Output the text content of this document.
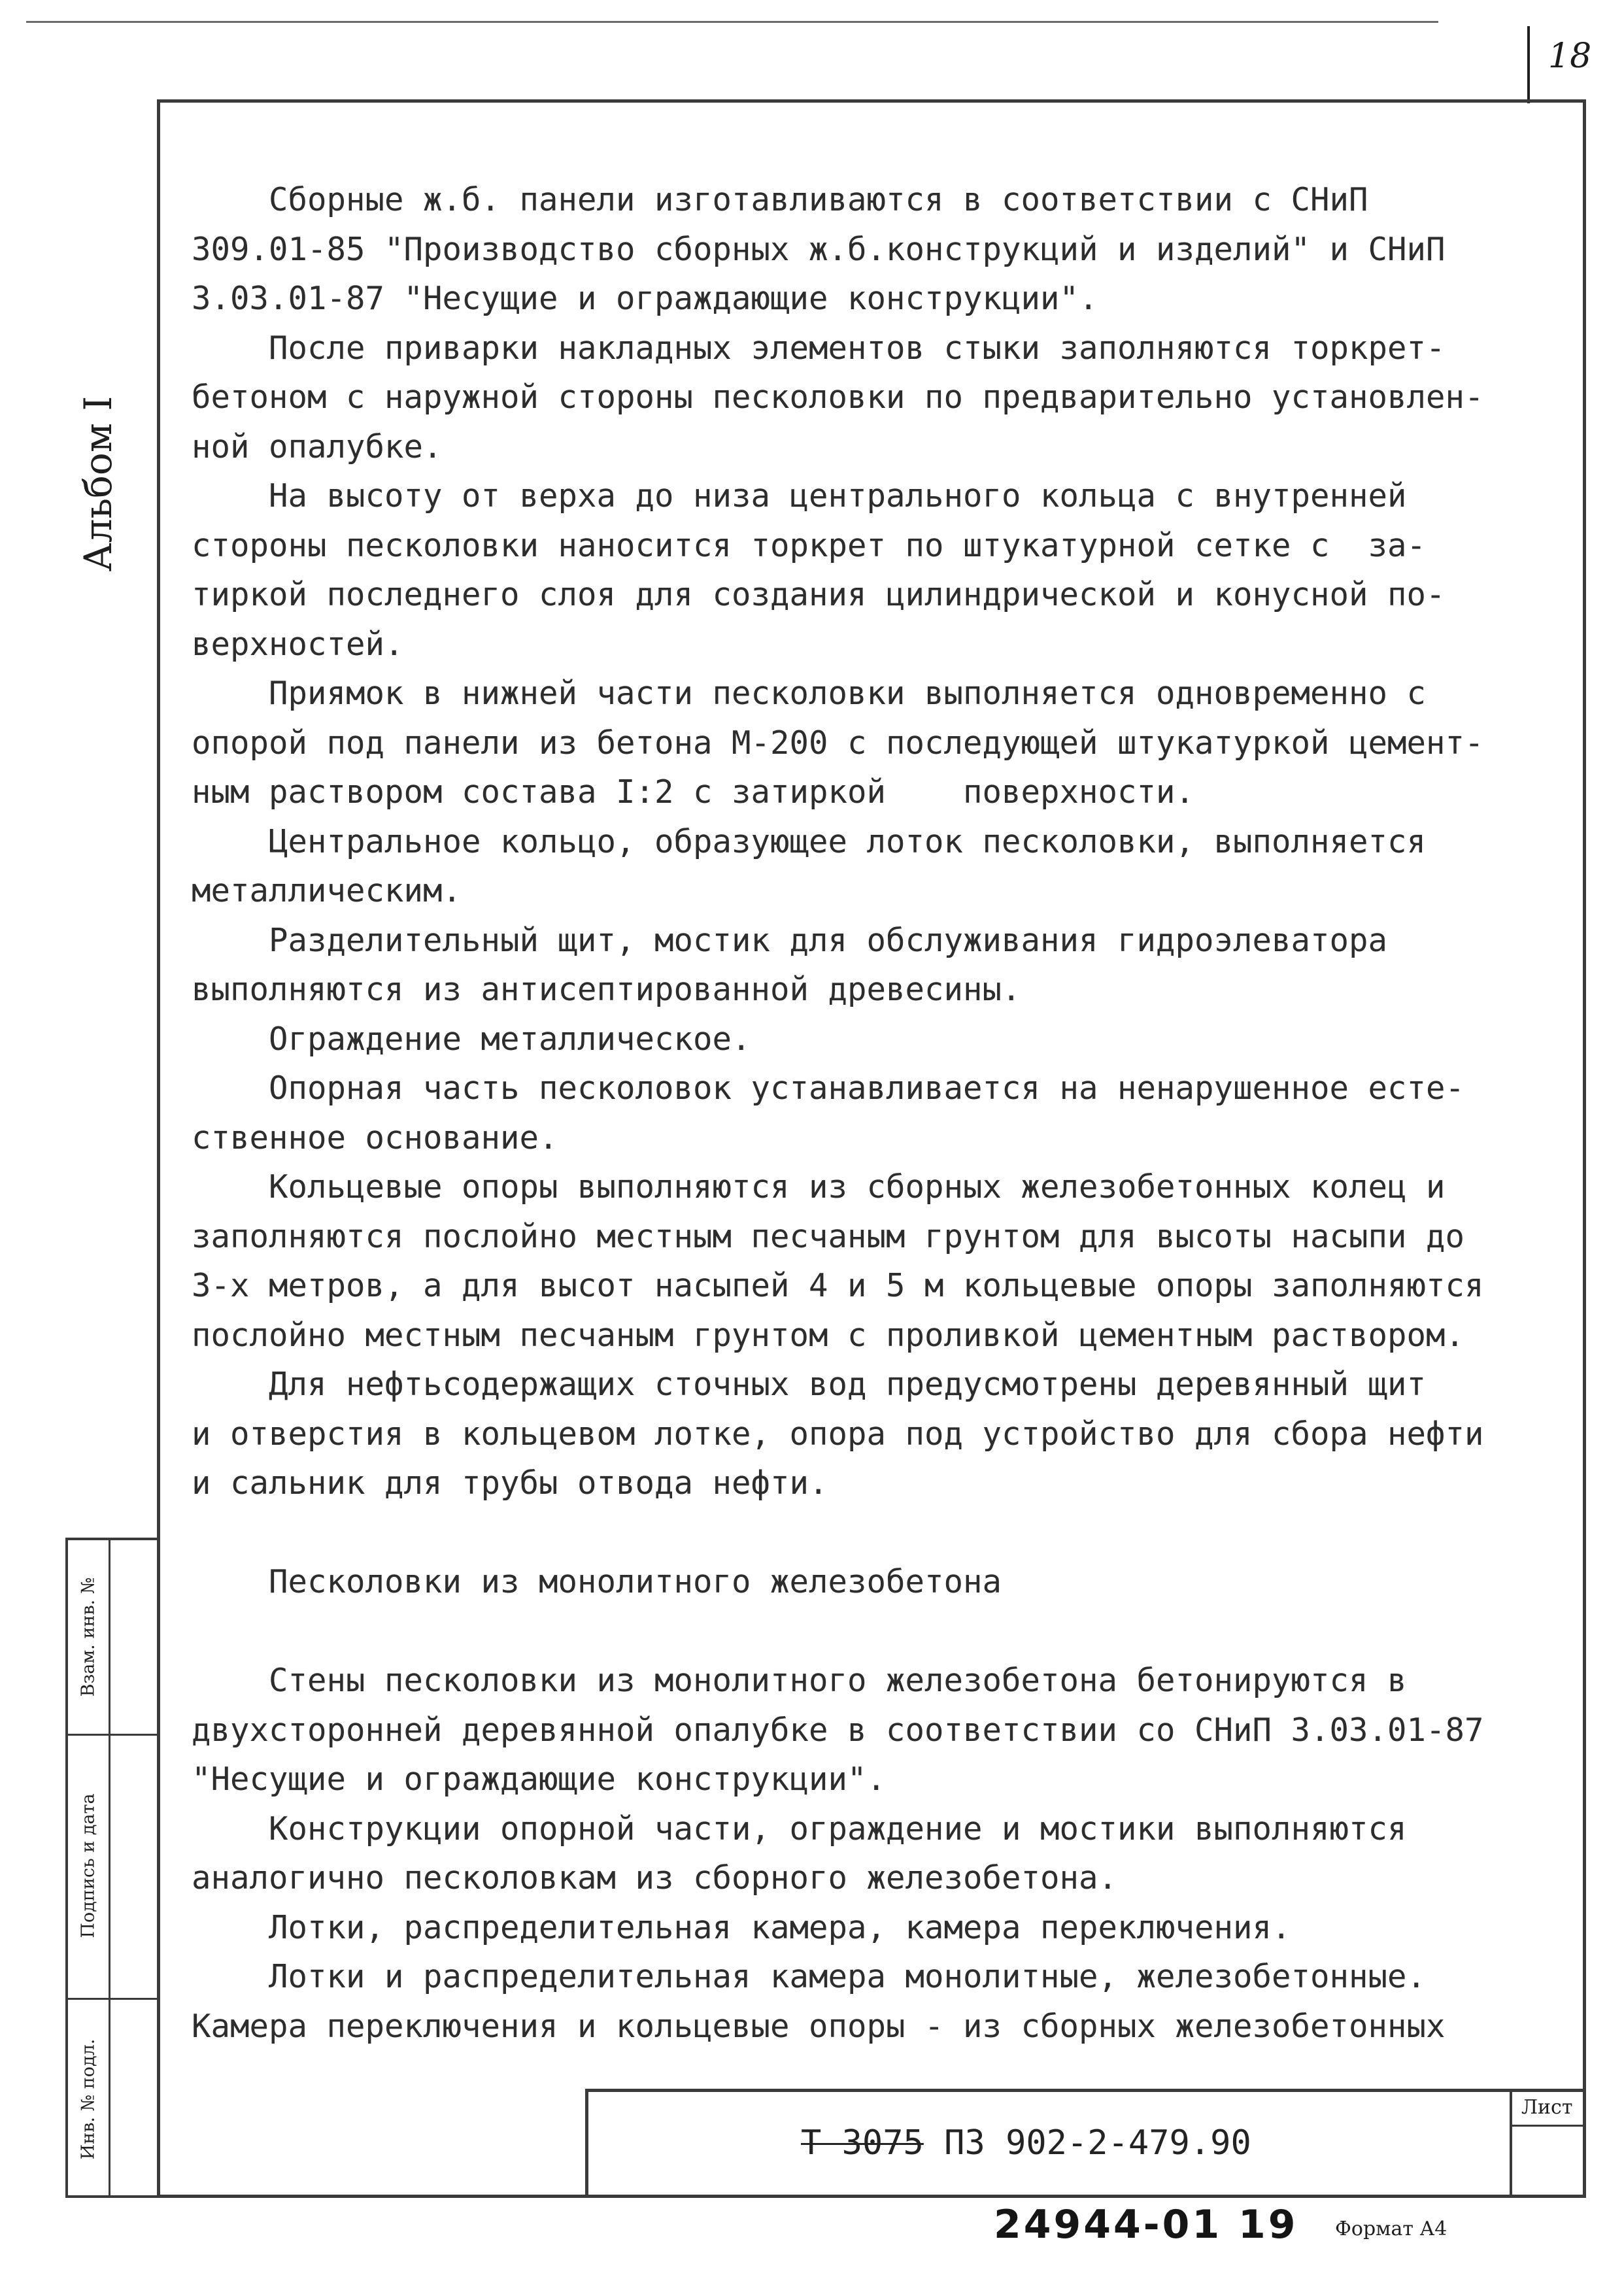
18
Альбом I
Взам. инв. №
Подпись и дата
Инв. № подл.

Сборные ж.б. панели изготавливаются в соответствии с СНиП

309.01-85 "Производство сборных ж.б.конструкций и изделий" и СНиП

3.03.01-87 "Несущие и ограждающие конструкции".

После приварки накладных элементов стыки заполняются торкрет-

бетоном с наружной стороны песколовки по предварительно установлен-

ной опалубке.

На высоту от верха до низа центрального кольца с внутренней

стороны песколовки наносится торкрет по штукатурной сетке с  за-

тиркой последнего слоя для создания цилиндрической и конусной по-

верхностей.

Приямок в нижней части песколовки выполняется одновременно с

опорой под панели из бетона М-200 с последующей штукатуркой цемент-

ным раствором состава I:2 с затиркой    поверхности.

Центральное кольцо, образующее лоток песколовки, выполняется

металлическим.

Разделительный щит, мостик для обслуживания гидроэлеватора

выполняются из антисептированной древесины.

Ограждение металлическое.

Опорная часть песколовок устанавливается на ненарушенное есте-

ственное основание.

Кольцевые опоры выполняются из сборных железобетонных колец и

заполняются послойно местным песчаным грунтом для высоты насыпи до

3-х метров, а для высот насыпей 4 и 5 м кольцевые опоры заполняются

послойно местным песчаным грунтом с проливкой цементным раствором.

Для нефтьсодержащих сточных вод предусмотрены деревянный щит

и отверстия в кольцевом лотке, опора под устройство для сбора нефти

и сальник для трубы отвода нефти.

Песколовки из монолитного железобетона

Стены песколовки из монолитного железобетона бетонируются в

двухсторонней деревянной опалубке в соответствии со СНиП 3.03.01-87

"Несущие и ограждающие конструкции".

Конструкции опорной части, ограждение и мостики выполняются

аналогично песколовкам из сборного железобетона.

Лотки, распределительная камера, камера переключения.

Лотки и распределительная камера монолитные, железобетонные.

Камера переключения и кольцевые опоры - из сборных железобетонных

Т 3075 ПЗ 902-2-479.90
Лист
24944-01 19 Формат А4
